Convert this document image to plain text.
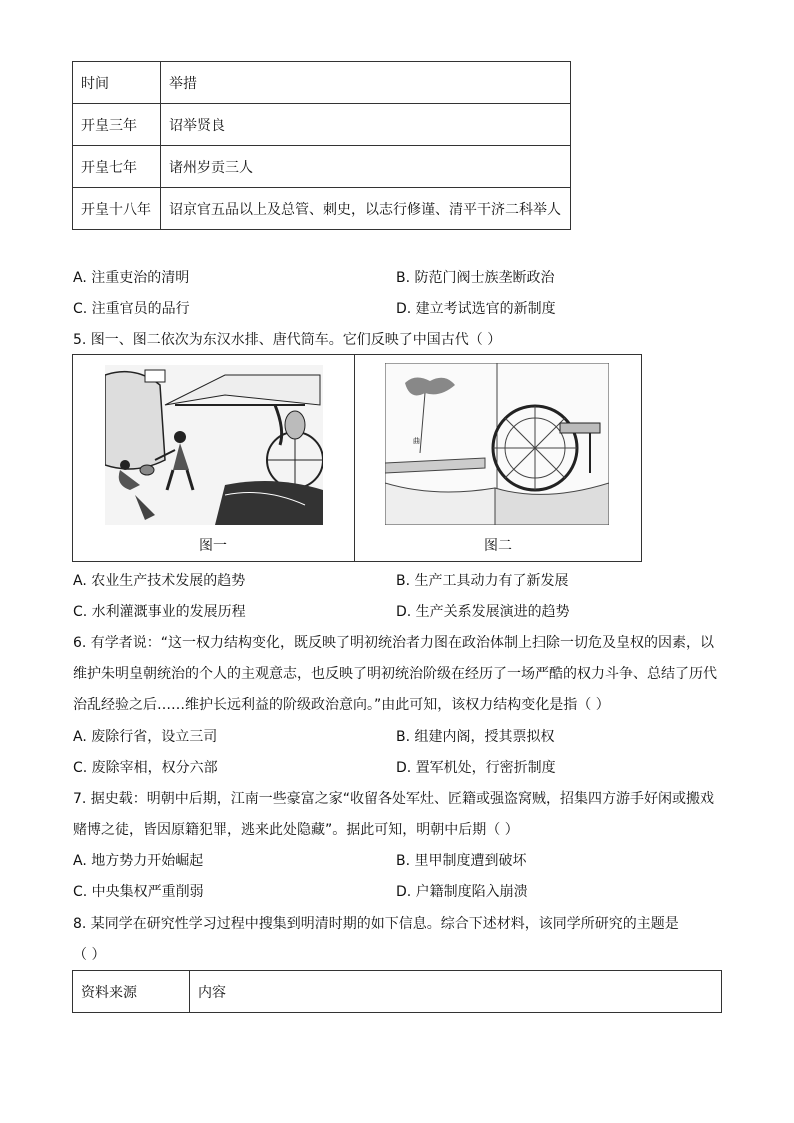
时间	举措
开皇三年	诏举贤良
开皇七年	诸州岁贡三人
开皇十八年	诏京官五品以上及总管、刺史，以志行修谨、清平干济二科举人
A. 注重吏治的清明	B. 防范门阀士族垄断政治
C. 注重官员的品行	D. 建立考试选官的新制度
5. 图一、图二依次为东汉水排、唐代筒车。它们反映了中国古代（ ）
图一
曲
图二
A. 农业生产技术发展的趋势	B. 生产工具动力有了新发展
C. 水利灌溉事业的发展历程	D. 生产关系发展演进的趋势
6. 有学者说：“这一权力结构变化，既反映了明初统治者力图在政治体制上扫除一切危及皇权的因素，以
维护朱明皇朝统治的个人的主观意志，也反映了明初统治阶级在经历了一场严酷的权力斗争、总结了历代
治乱经验之后……维护长远利益的阶级政治意向。”由此可知，该权力结构变化是指（ ）
A. 废除行省，设立三司	B. 组建内阁，授其票拟权
C. 废除宰相，权分六部	D. 置军机处，行密折制度
7. 据史载：明朝中后期，江南一些豪富之家“收留各处军灶、匠籍或强盗窝贼，招集四方游手好闲或搬戏
赌博之徒，皆因原籍犯罪，逃来此处隐藏”。据此可知，明朝中后期（ ）
A. 地方势力开始崛起	B. 里甲制度遭到破坏
C. 中央集权严重削弱	D. 户籍制度陷入崩溃
8. 某同学在研究性学习过程中搜集到明清时期的如下信息。综合下述材料，该同学所研究的主题是
（ ）
资料来源	内容
